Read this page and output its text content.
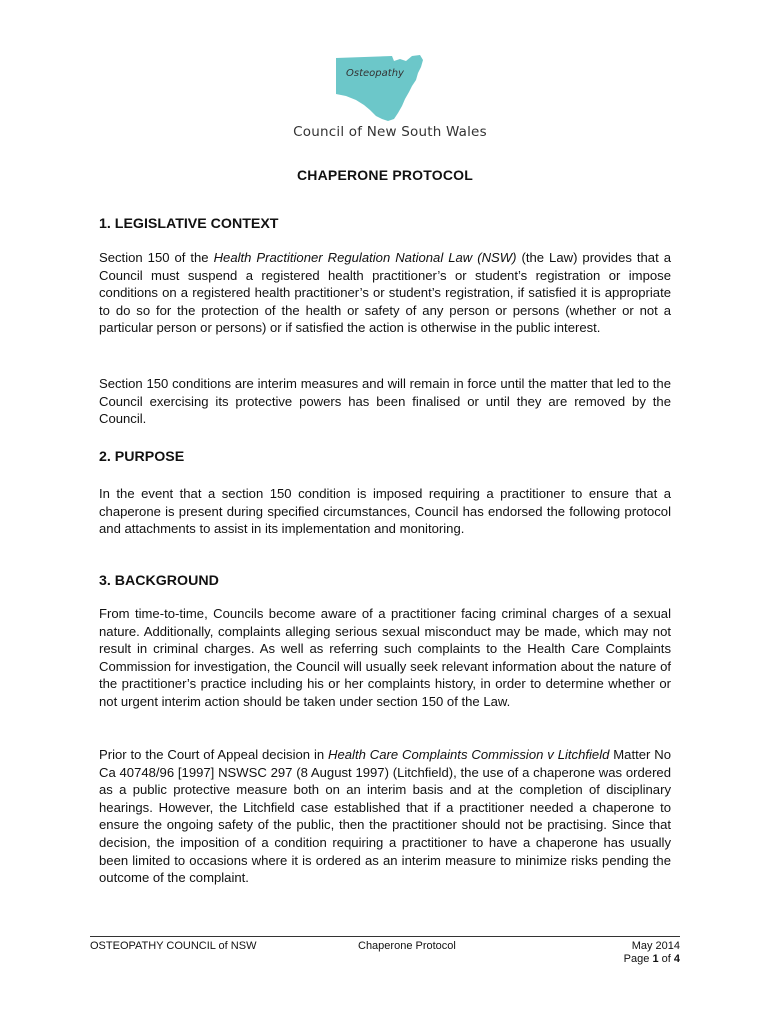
Osteopathy
Council of New South Wales
CHAPERONE PROTOCOL
1. LEGISLATIVE CONTEXT

Section 150 of the Health Practitioner Regulation National Law (NSW) (the Law) provides that a Council must suspend a registered health practitioner’s or student’s registration or impose conditions on a registered health practitioner’s or student’s registration, if satisfied it is appropriate to do so for the protection of the health or safety of any person or persons (whether or not a particular person or persons) or if satisfied the action is otherwise in the public interest.

Section 150 conditions are interim measures and will remain in force until the matter that led to the Council exercising its protective powers has been finalised or until they are removed by the Council.

2. PURPOSE

In the event that a section 150 condition is imposed requiring a practitioner to ensure that a chaperone is present during specified circumstances, Council has endorsed the following protocol and attachments to assist in its implementation and monitoring.

3. BACKGROUND

From time-to-time, Councils become aware of a practitioner facing criminal charges of a sexual nature. Additionally, complaints alleging serious sexual misconduct may be made, which may not result in criminal charges. As well as referring such complaints to the Health Care Complaints Commission for investigation, the Council will usually seek relevant information about the nature of the practitioner’s practice including his or her complaints history, in order to determine whether or not urgent interim action should be taken under section 150 of the Law.

Prior to the Court of Appeal decision in Health Care Complaints Commission v Litchfield Matter No Ca 40748/96 [1997] NSWSC 297 (8 August 1997) (Litchfield), the use of a chaperone was ordered as a public protective measure both on an interim basis and at the completion of disciplinary hearings. However, the Litchfield case established that if a practitioner needed a chaperone to ensure the ongoing safety of the public, then the practitioner should not be practising. Since that decision, the imposition of a condition requiring a practitioner to have a chaperone has usually been limited to occasions where it is ordered as an interim measure to minimize risks pending the outcome of the complaint.

OSTEOPATHY COUNCIL of NSW	Chaperone Protocol	May 2014
Page 1 of 4
